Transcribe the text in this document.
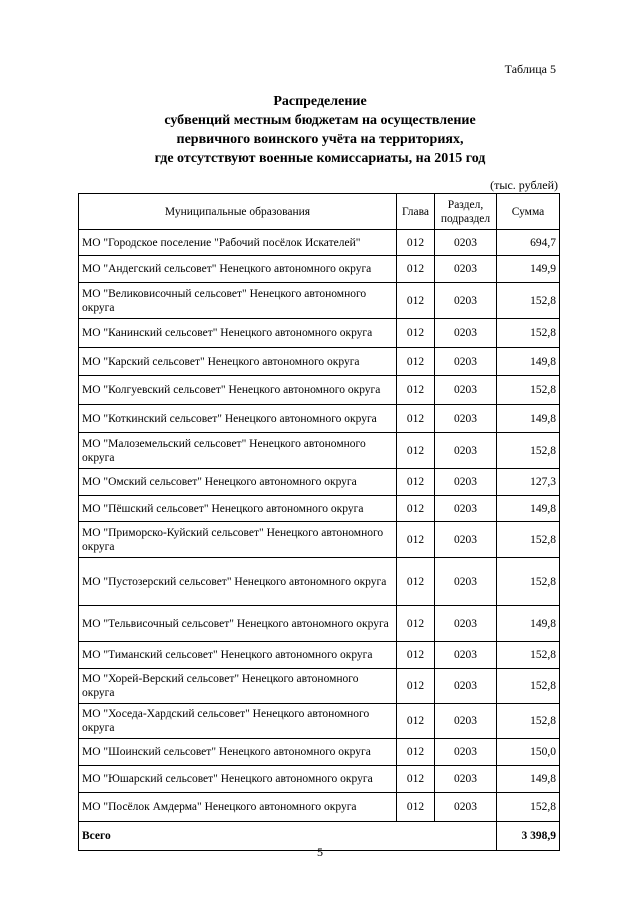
Таблица 5
Распределение
субвенций местным бюджетам на осуществление
первичного воинского учёта на территориях,
где отсутствуют военные комиссариаты, на 2015 год
(тыс. рублей)
Муниципальные образования	Глава	Раздел, подраздел	Сумма
МО "Городское поселение "Рабочий посёлок Искателей"	012	0203	694,7
МО "Андегский сельсовет" Ненецкого автономного округа	012	0203	149,9
МО "Великовисочный сельсовет" Ненецкого автономного округа	012	0203	152,8
МО "Канинский сельсовет" Ненецкого автономного округа	012	0203	152,8
МО "Карский сельсовет" Ненецкого автономного округа	012	0203	149,8
МО "Колгуевский сельсовет" Ненецкого автономного округа	012	0203	152,8
МО "Коткинский сельсовет" Ненецкого автономного округа	012	0203	149,8
МО "Малоземельский сельсовет" Ненецкого автономного округа	012	0203	152,8
МО "Омский сельсовет" Ненецкого автономного округа	012	0203	127,3
МО "Пёшский сельсовет" Ненецкого автономного округа	012	0203	149,8
МО "Приморско-Куйский сельсовет" Ненецкого автономного округа	012	0203	152,8
МО "Пустозерский сельсовет" Ненецкого автономного округа	012	0203	152,8
МО "Тельвисочный сельсовет" Ненецкого автономного округа	012	0203	149,8
МО "Тиманский сельсовет" Ненецкого автономного округа	012	0203	152,8
МО "Хорей-Верский сельсовет" Ненецкого автономного округа	012	0203	152,8
МО "Хоседа-Хардский сельсовет" Ненецкого автономного округа	012	0203	152,8
МО "Шоинский сельсовет" Ненецкого автономного округа	012	0203	150,0
МО "Юшарский сельсовет" Ненецкого автономного округа	012	0203	149,8
МО "Посёлок Амдерма" Ненецкого автономного округа	012	0203	152,8
Всего			3 398,9
5
